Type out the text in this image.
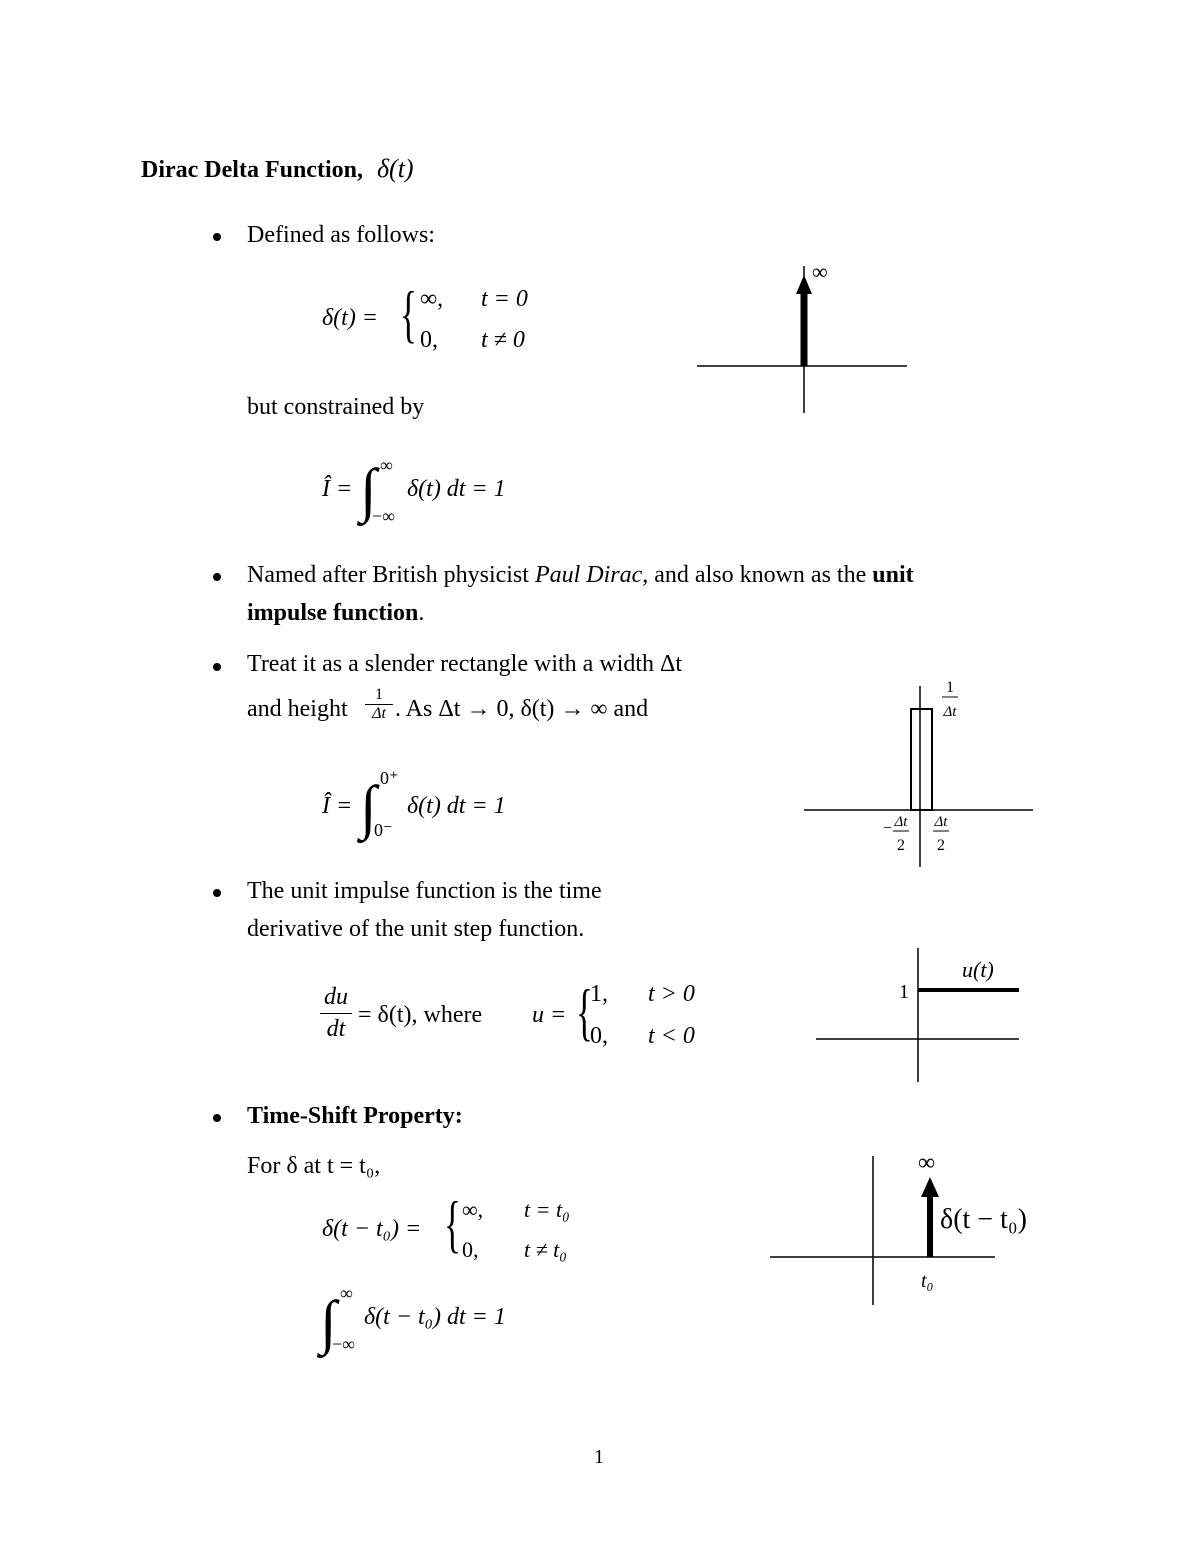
Dirac Delta Function, δ(t)
Defined as follows:
δ(t) = { ∞, t = 0
0, t ≠ 0
but constrained by
Î = ∫ ∞
−∞
δ(t) dt = 1
∞
Named after British physicist Paul Dirac, and also known as the unit
impulse function.
Treat it as a slender rectangle with a width Δt
and height
1
Δt . As Δt → 0, δ(t) → ∞ and
Î = ∫ 0⁺
0⁻
δ(t) dt = 1
1
Δt
− Δt
2
Δt
2
The unit impulse function is the time
derivative of the unit step function.
du
dt
= δ(t), where u = {
1, t > 0
0, t < 0
u(t)
1
Time-Shift Property:
For δ at t = t₀,
δ(t − t₀) = { ∞, t = t₀
0, t ≠ t₀
∫ ∞
−∞
δ(t − t₀) dt = 1
∞
δ(t − t₀)
t₀
1
